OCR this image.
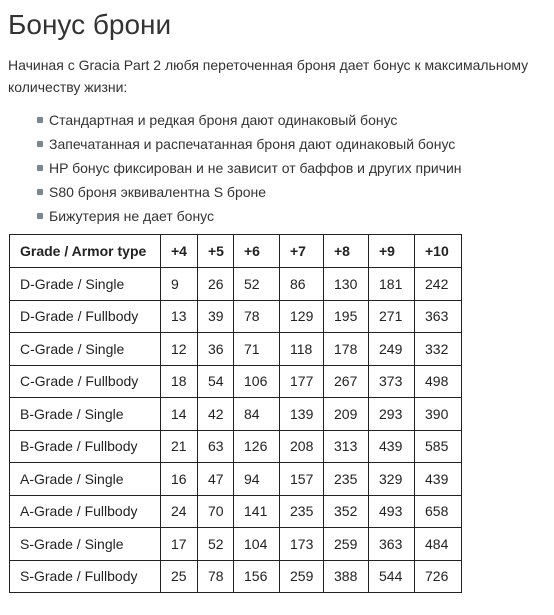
Бонус брони

Начиная с Gracia Part 2 любя переточенная броня дает бонус к максимальному количеству жизни:

Стандартная и редкая броня дают одинаковый бонус
Запечатанная и распечатанная броня дают одинаковый бонус
HP бонус фиксирован и не зависит от баффов и других причин
S80 броня эквивалентна S броне
Бижутерия не дает бонус
Grade / Armor type	+4	+5	+6	+7	+8	+9	+10
D-Grade / Single	9	26	52	86	130	181	242
D-Grade / Fullbody	13	39	78	129	195	271	363
C-Grade / Single	12	36	71	118	178	249	332
C-Grade / Fullbody	18	54	106	177	267	373	498
B-Grade / Single	14	42	84	139	209	293	390
B-Grade / Fullbody	21	63	126	208	313	439	585
A-Grade / Single	16	47	94	157	235	329	439
A-Grade / Fullbody	24	70	141	235	352	493	658
S-Grade / Single	17	52	104	173	259	363	484
S-Grade / Fullbody	25	78	156	259	388	544	726
